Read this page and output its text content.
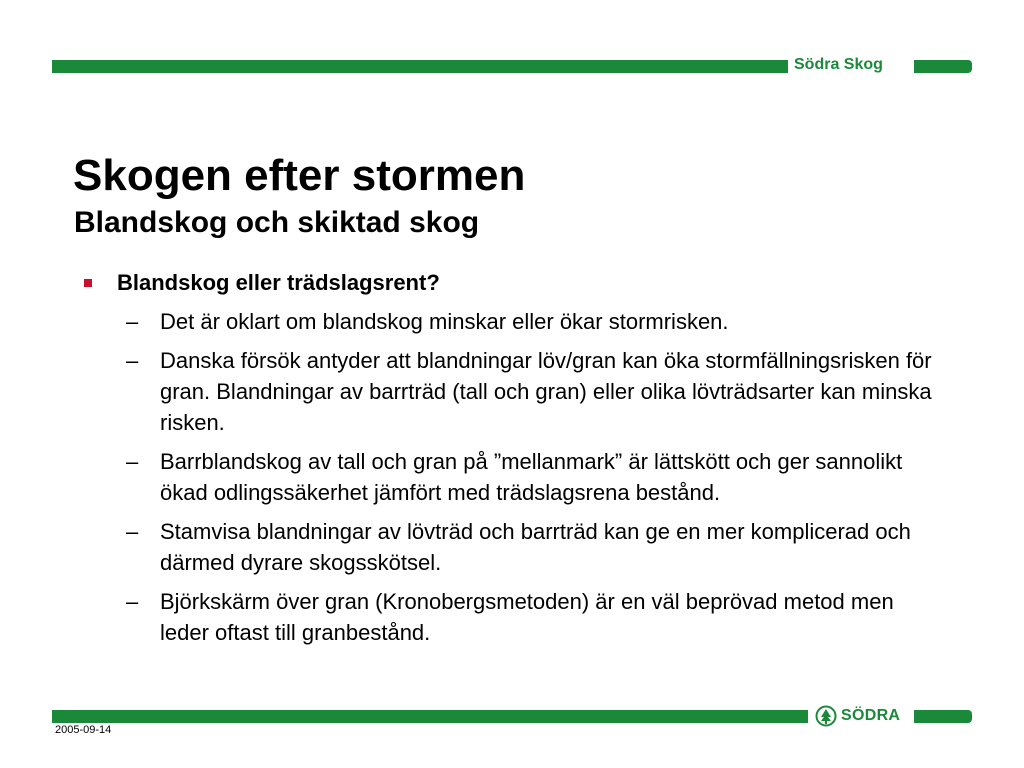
Södra Skog
Skogen efter stormen
Blandskog och skiktad skog
Blandskog eller trädslagsrent?
– Det är oklart om blandskog minskar eller ökar stormrisken.
– Danska försök antyder att blandningar löv/gran kan öka stormfällningsrisken för gran. Blandningar av barrträd (tall och gran) eller olika lövträdsarter kan minska risken.
– Barrblandskog av tall och gran på ”mellanmark” är lättskött och ger sannolikt ökad odlingssäkerhet jämfört med trädslagsrena bestånd.
– Stamvisa blandningar av lövträd och barrträd kan ge en mer komplicerad och därmed dyrare skogsskötsel.
– Björkskärm över gran (Kronobergsmetoden) är en väl beprövad metod men leder oftast till granbestånd.
SÖDRA
2005-09-14
